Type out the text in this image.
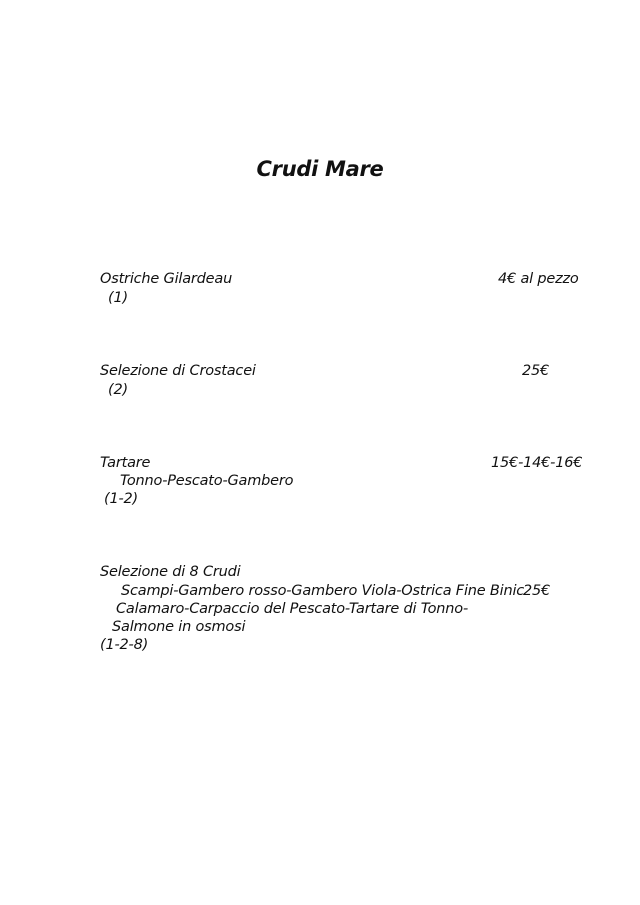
Crudi Mare
Ostriche Gilardeau	4€ al pezzo
(1)
Selezione di Crostacei	25€
(2)
Tartare	15€-14€-16€
Tonno-Pescato-Gambero
(1-2)
Selezione di 8 Crudi
Scampi-Gambero rosso-Gambero Viola-Ostrica Fine Binic
25€
Calamaro-Carpaccio del Pescato-Tartare di Tonno-
Salmone in osmosi
(1-2-8)
